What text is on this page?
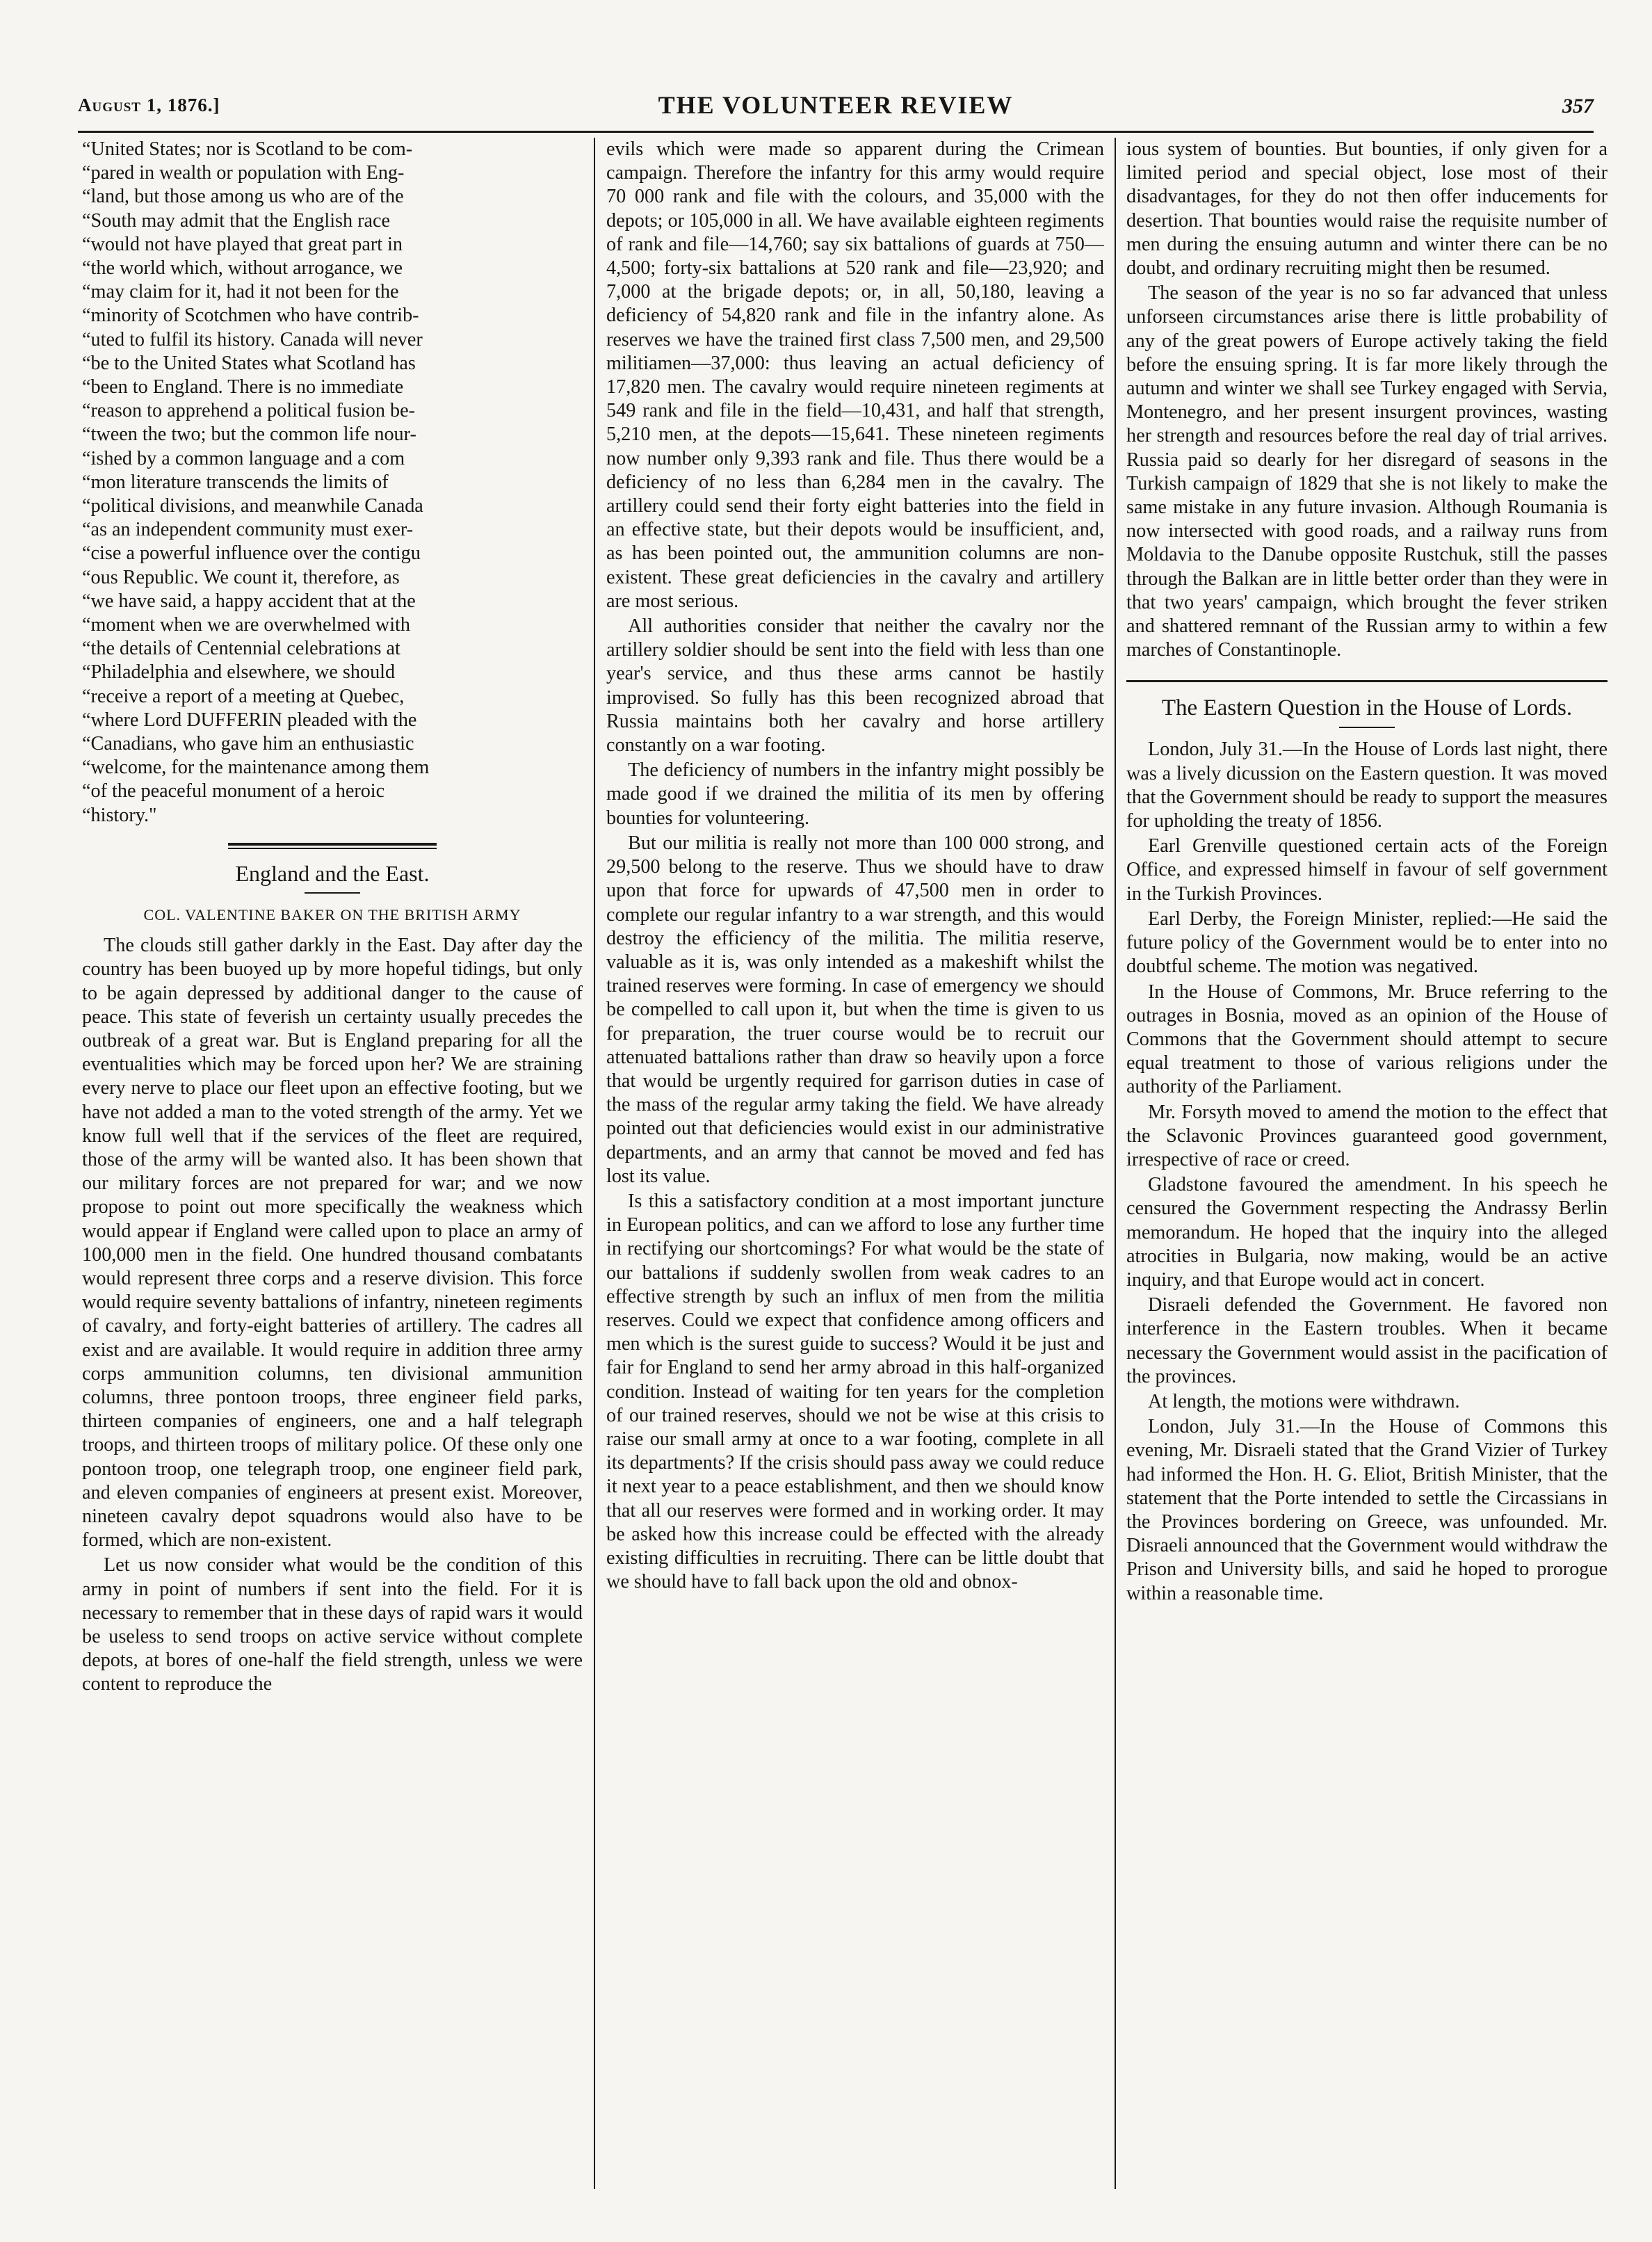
August 1, 1876.]	THE VOLUNTEER REVIEW	357
“ United States; nor is Scotland to be com-
“ pared in wealth or population with Eng-
“ land, but those among us who are of the
“ South may admit that the English race
“ would not have played that great part in
“ the world which, without arrogance, we
“ may claim for it, had it not been for the
“ minority of Scotchmen who have contrib-
“ uted to fulfil its history. Canada will never
“ be to the United States what Scotland has
“ been to England. There is no immediate
“ reason to apprehend a political fusion be-
“ tween the two; but the common life nour-
“ ished by a common language and a com
“ mon literature transcends the limits of
“ political divisions, and meanwhile Canada
“ as an independent community must exer-
“ cise a powerful influence over the contigu
“ ous Republic. We count it, therefore, as
“ we have said, a happy accident that at the
“ moment when we are overwhelmed with
“ the details of Centennial celebrations at
“ Philadelphia and elsewhere, we should
“ receive a report of a meeting at Quebec,
“ where Lord DUFFERIN pleaded with the
“ Canadians, who gave him an enthusiastic
“ welcome, for the maintenance among them
“ of the peaceful monument of a heroic
“ history."
England and the East.
COL. VALENTINE BAKER ON THE BRITISH ARMY

The clouds still gather darkly in the East. Day after day the country has been buoyed up by more hopeful tidings, but only to be again depressed by additional danger to the cause of peace. This state of feverish un certainty usually precedes the outbreak of a great war. But is England preparing for all the eventualities which may be forced upon her? We are straining every nerve to place our fleet upon an effective footing, but we have not added a man to the voted strength of the army. Yet we know full well that if the services of the fleet are required, those of the army will be wanted also. It has been shown that our military forces are not prepared for war; and we now propose to point out more specifically the weakness which would appear if England were called upon to place an army of 100,000 men in the field. One hundred thousand combatants would represent three corps and a reserve division. This force would require seventy battalions of infantry, nineteen regiments of cavalry, and forty-eight batteries of artillery. The cadres all exist and are available. It would require in addition three army corps ammunition columns, ten divisional ammunition columns, three pontoon troops, three engineer field parks, thirteen companies of engineers, one and a half telegraph troops, and thirteen troops of military police. Of these only one pontoon troop, one telegraph troop, one engineer field park, and eleven companies of engineers at present exist. Moreover, nineteen cavalry depot squadrons would also have to be formed, which are non-existent.

Let us now consider what would be the condition of this army in point of numbers if sent into the field. For it is necessary to remember that in these days of rapid wars it would be useless to send troops on active service without complete depots, at bores of one-half the field strength, unless we were content to reproduce the

evils which were made so apparent during the Crimean campaign. Therefore the infantry for this army would require 70 000 rank and file with the colours, and 35,000 with the depots; or 105,000 in all. We have available eighteen regiments of rank and file—14,760; say six battalions of guards at 750—4,500; forty-six battalions at 520 rank and file—23,920; and 7,000 at the brigade depots; or, in all, 50,180, leaving a deficiency of 54,820 rank and file in the infantry alone. As reserves we have the trained first class 7,500 men, and 29,500 militiamen—37,000: thus leaving an actual deficiency of 17,820 men. The cavalry would require nineteen regiments at 549 rank and file in the field—10,431, and half that strength, 5,210 men, at the depots—15,641. These nineteen regiments now number only 9,393 rank and file. Thus there would be a deficiency of no less than 6,284 men in the cavalry. The artillery could send their forty eight batteries into the field in an effective state, but their depots would be insufficient, and, as has been pointed out, the ammunition columns are non-existent. These great deficiencies in the cavalry and artillery are most serious.

All authorities consider that neither the cavalry nor the artillery soldier should be sent into the field with less than one year's service, and thus these arms cannot be hastily improvised. So fully has this been recognized abroad that Russia maintains both her cavalry and horse artillery constantly on a war footing.

The deficiency of numbers in the infantry might possibly be made good if we drained the militia of its men by offering bounties for volunteering.

But our militia is really not more than 100 000 strong, and 29,500 belong to the reserve. Thus we should have to draw upon that force for upwards of 47,500 men in order to complete our regular infantry to a war strength, and this would destroy the efficiency of the militia. The militia reserve, valuable as it is, was only intended as a makeshift whilst the trained reserves were forming. In case of emergency we should be compelled to call upon it, but when the time is given to us for preparation, the truer course would be to recruit our attenuated battalions rather than draw so heavily upon a force that would be urgently required for garrison duties in case of the mass of the regular army taking the field. We have already pointed out that deficiencies would exist in our administrative departments, and an army that cannot be moved and fed has lost its value.

Is this a satisfactory condition at a most important juncture in European politics, and can we afford to lose any further time in rectifying our shortcomings? For what would be the state of our battalions if suddenly swollen from weak cadres to an effective strength by such an influx of men from the militia reserves. Could we expect that confidence among officers and men which is the surest guide to success? Would it be just and fair for England to send her army abroad in this half-organized condition. Instead of waiting for ten years for the completion of our trained reserves, should we not be wise at this crisis to raise our small army at once to a war footing, complete in all its departments? If the crisis should pass away we could reduce it next year to a peace establishment, and then we should know that all our reserves were formed and in working order. It may be asked how this increase could be effected with the already existing difficulties in recruiting. There can be little doubt that we should have to fall back upon the old and obnox-

ious system of bounties. But bounties, if only given for a limited period and special object, lose most of their disadvantages, for they do not then offer inducements for desertion. That bounties would raise the requisite number of men during the ensuing autumn and winter there can be no doubt, and ordinary recruiting might then be resumed.

The season of the year is no so far advanced that unless unforseen circumstances arise there is little probability of any of the great powers of Europe actively taking the field before the ensuing spring. It is far more likely through the autumn and winter we shall see Turkey engaged with Servia, Montenegro, and her present insurgent provinces, wasting her strength and resources before the real day of trial arrives. Russia paid so dearly for her disregard of seasons in the Turkish campaign of 1829 that she is not likely to make the same mistake in any future invasion. Although Roumania is now intersected with good roads, and a railway runs from Moldavia to the Danube opposite Rustchuk, still the passes through the Balkan are in little better order than they were in that two years' campaign, which brought the fever striken and shattered remnant of the Russian army to within a few marches of Constantinople.

The Eastern Question in the House of Lords.

London, July 31.—In the House of Lords last night, there was a lively dicussion on the Eastern question. It was moved that the Government should be ready to support the measures for upholding the treaty of 1856.

Earl Grenville questioned certain acts of the Foreign Office, and expressed himself in favour of self government in the Turkish Provinces.

Earl Derby, the Foreign Minister, replied:—He said the future policy of the Government would be to enter into no doubtful scheme. The motion was negatived.

In the House of Commons, Mr. Bruce referring to the outrages in Bosnia, moved as an opinion of the House of Commons that the Government should attempt to secure equal treatment to those of various religions under the authority of the Parliament.

Mr. Forsyth moved to amend the motion to the effect that the Sclavonic Provinces guaranteed good government, irrespective of race or creed.

Gladstone favoured the amendment. In his speech he censured the Government respecting the Andrassy Berlin memorandum. He hoped that the inquiry into the alleged atrocities in Bulgaria, now making, would be an active inquiry, and that Europe would act in concert.

Disraeli defended the Government. He favored non interference in the Eastern troubles. When it became necessary the Government would assist in the pacification of the provinces.

At length, the motions were withdrawn.

London, July 31.—In the House of Commons this evening, Mr. Disraeli stated that the Grand Vizier of Turkey had informed the Hon. H. G. Eliot, British Minister, that the statement that the Porte intended to settle the Circassians in the Provinces bordering on Greece, was unfounded. Mr. Disraeli announced that the Government would withdraw the Prison and University bills, and said he hoped to prorogue within a reasonable time.
